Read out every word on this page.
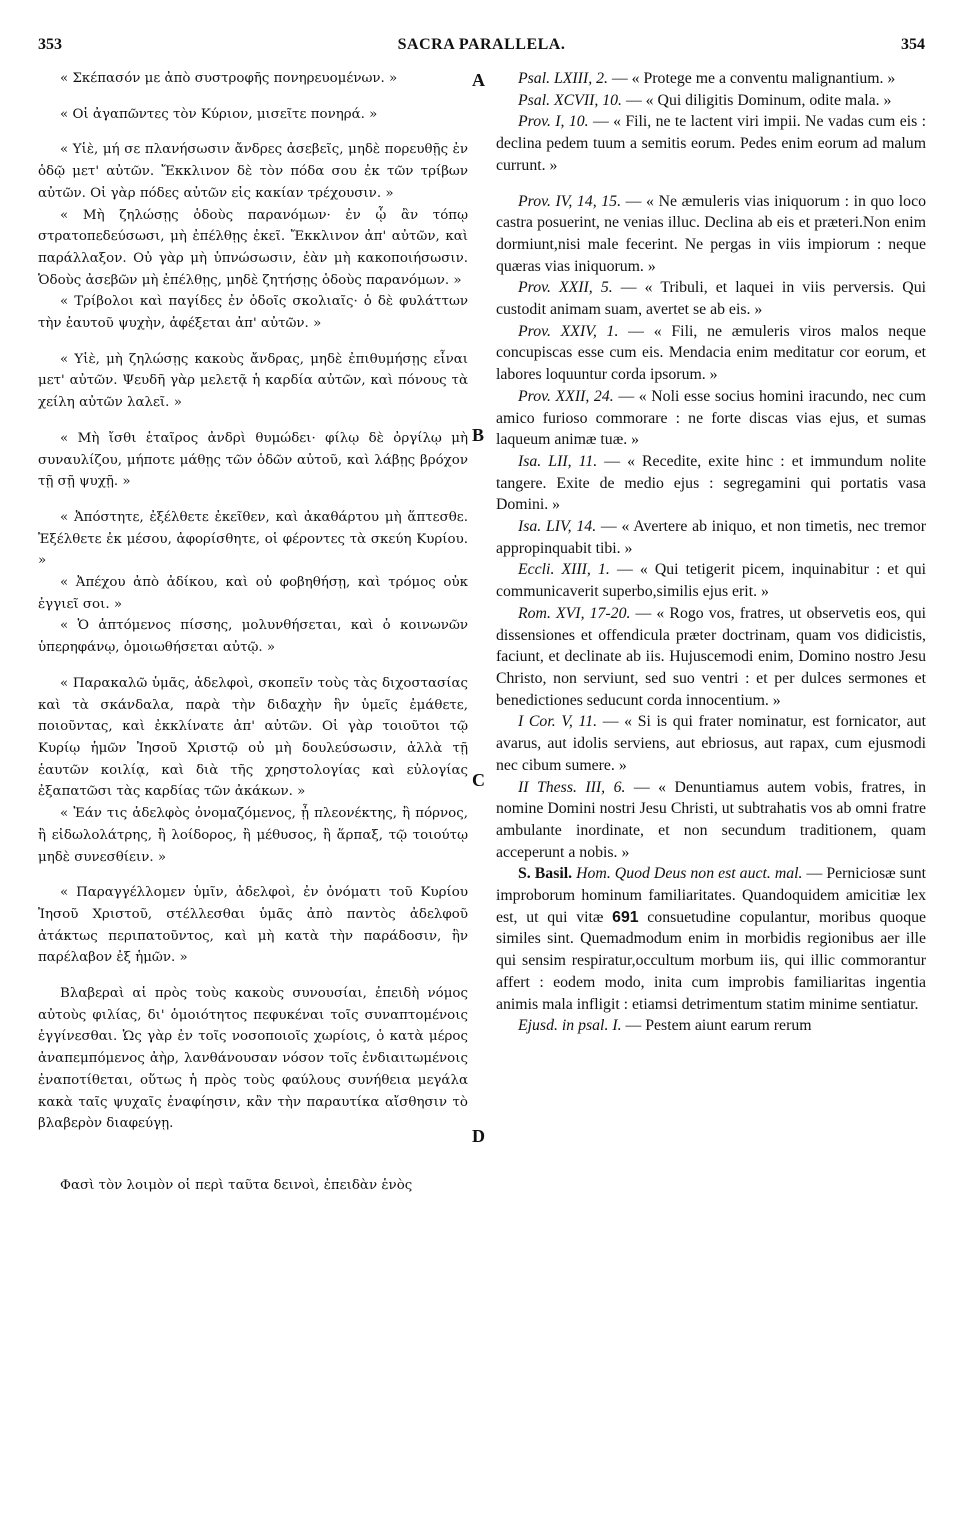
353	SACRA PARALLELA.	354
A
B
C
D

« Σκέπασόν με ἀπὸ συστροφῆς πονηρευομένων. »

« Οἱ ἀγαπῶντες τὸν Κύριον, μισεῖτε πονηρά. »

« Υἱὲ, μή σε πλανήσωσιν ἄνδρες ἀσεβεῖς, μηδὲ πορευθῇς ἐν ὁδῷ μετ' αὐτῶν. Ἔκκλινον δὲ τὸν πόδα σου ἐκ τῶν τρίβων αὐτῶν. Οἱ γὰρ πόδες αὐτῶν εἰς κακίαν τρέχουσιν. »

« Μὴ ζηλώσῃς ὁδοὺς παρανόμων· ἐν ᾧ ἂν τόπῳ στρατοπεδεύσωσι, μὴ ἐπέλθῃς ἐκεῖ. Ἔκκλινον ἀπ' αὐτῶν, καὶ παράλλαξον. Οὐ γὰρ μὴ ὑπνώσωσιν, ἐὰν μὴ κακοποιήσωσιν. Ὁδοὺς ἀσεβῶν μὴ ἐπέλθῃς, μηδὲ ζητήσῃς ὁδοὺς παρανόμων. »

« Τρίβολοι καὶ παγίδες ἐν ὁδοῖς σκολιαῖς· ὁ δὲ φυλάττων τὴν ἑαυτοῦ ψυχὴν, ἀφέξεται ἀπ' αὐτῶν. »

« Υἱὲ, μὴ ζηλώσῃς κακοὺς ἄνδρας, μηδὲ ἐπιθυμήσῃς εἶναι μετ' αὐτῶν. Ψευδῆ γὰρ μελετᾷ ἡ καρδία αὐτῶν, καὶ πόνους τὰ χείλη αὐτῶν λαλεῖ. »

« Μὴ ἴσθι ἑταῖρος ἀνδρὶ θυμώδει· φίλῳ δὲ ὀργίλῳ μὴ συναυλίζου, μήποτε μάθῃς τῶν ὁδῶν αὐτοῦ, καὶ λάβῃς βρόχον τῇ σῇ ψυχῇ. »

« Ἀπόστητε, ἐξέλθετε ἐκεῖθεν, καὶ ἀκαθάρτου μὴ ἅπτεσθε. Ἐξέλθετε ἐκ μέσου, ἀφορίσθητε, οἱ φέροντες τὰ σκεύη Κυρίου. »

« Ἀπέχου ἀπὸ ἀδίκου, καὶ οὐ φοβηθήσῃ, καὶ τρόμος οὐκ ἐγγιεῖ σοι. »

« Ὁ ἁπτόμενος πίσσης, μολυνθήσεται, καὶ ὁ κοινωνῶν ὑπερηφάνῳ, ὁμοιωθήσεται αὐτῷ. »

« Παρακαλῶ ὑμᾶς, ἀδελφοὶ, σκοπεῖν τοὺς τὰς διχοστασίας καὶ τὰ σκάνδαλα, παρὰ τὴν διδαχὴν ἣν ὑμεῖς ἐμάθετε, ποιοῦντας, καὶ ἐκκλίνατε ἀπ' αὐτῶν. Οἱ γὰρ τοιοῦτοι τῷ Κυρίῳ ἡμῶν Ἰησοῦ Χριστῷ οὐ μὴ δουλεύσωσιν, ἀλλὰ τῇ ἑαυτῶν κοιλίᾳ, καὶ διὰ τῆς χρηστολογίας καὶ εὐλογίας ἐξαπατῶσι τὰς καρδίας τῶν ἀκάκων. »

« Ἐάν τις ἀδελφὸς ὀνομαζόμενος, ᾖ πλεονέκτης, ἢ πόρνος, ἢ εἰδωλολάτρης, ἢ λοίδορος, ἢ μέθυσος, ἢ ἅρπαξ, τῷ τοιούτῳ μηδὲ συνεσθίειν. »

« Παραγγέλλομεν ὑμῖν, ἀδελφοὶ, ἐν ὀνόματι τοῦ Κυρίου Ἰησοῦ Χριστοῦ, στέλλεσθαι ὑμᾶς ἀπὸ παντὸς ἀδελφοῦ ἀτάκτως περιπατοῦντος, καὶ μὴ κατὰ τὴν παράδοσιν, ἣν παρέλαβον ἐξ ἡμῶν. »

Βλαβεραὶ αἱ πρὸς τοὺς κακοὺς συνουσίαι, ἐπειδὴ νόμος αὐτοὺς φιλίας, δι' ὁμοιότητος πεφυκέναι τοῖς συναπτομένοις ἐγγίνεσθαι. Ὡς γὰρ ἐν τοῖς νοσοποιοῖς χωρίοις, ὁ κατὰ μέρος ἀναπεμπόμενος ἀὴρ, λανθάνουσαν νόσον τοῖς ἐνδιαιτωμένοις ἐναποτίθεται, οὕτως ἡ πρὸς τοὺς φαύλους συνήθεια μεγάλα κακὰ ταῖς ψυχαῖς ἐναφίησιν, κἂν τὴν παραυτίκα αἴσθησιν τὸ βλαβερὸν διαφεύγῃ.

Φασὶ τὸν λοιμὸν οἱ περὶ ταῦτα δεινοὶ, ἐπειδὰν ἑνὸς

Psal. LXIII, 2. — « Protege me a conventu malignantium. »

Psal. XCVII, 10. — « Qui diligitis Dominum, odite mala. »

Prov. I, 10. — « Fili, ne te lactent viri impii. Ne vadas cum eis : declina pedem tuum a semitis eorum. Pedes enim eorum ad malum currunt. »

Prov. IV, 14, 15. — « Ne æmuleris vias iniquorum : in quo loco castra posuerint, ne venias illuc. Declina ab eis et præteri.Non enim dormiunt,nisi male fecerint. Ne pergas in viis impiorum : neque quæras vias iniquorum. »

Prov. XXII, 5. — « Tribuli, et laquei in viis perversis. Qui custodit animam suam, avertet se ab eis. »

Prov. XXIV, 1. — « Fili, ne æmuleris viros malos neque concupiscas esse cum eis. Mendacia enim meditatur cor eorum, et labores loquuntur corda ipsorum. »

Prov. XXII, 24. — « Noli esse socius homini iracundo, nec cum amico furioso commorare : ne forte discas vias ejus, et sumas laqueum animæ tuæ. »

Isa. LII, 11. — « Recedite, exite hinc : et immundum nolite tangere. Exite de medio ejus : segregamini qui portatis vasa Domini. »

Isa. LIV, 14. — « Avertere ab iniquo, et non timetis, nec tremor appropinquabit tibi. »

Eccli. XIII, 1. — « Qui tetigerit picem, inquinabitur : et qui communicaverit superbo,similis ejus erit. »

Rom. XVI, 17-20. — « Rogo vos, fratres, ut observetis eos, qui dissensiones et offendicula præter doctrinam, quam vos didicistis, faciunt, et declinate ab iis. Hujuscemodi enim, Domino nostro Jesu Christo, non serviunt, sed suo ventri : et per dulces sermones et benedictiones seducunt corda innocentium. »

I Cor. V, 11. — « Si is qui frater nominatur, est fornicator, aut avarus, aut idolis serviens, aut ebriosus, aut rapax, cum ejusmodi nec cibum sumere. »

II Thess. III, 6. — « Denuntiamus autem vobis, fratres, in nomine Domini nostri Jesu Christi, ut subtrahatis vos ab omni fratre ambulante inordinate, et non secundum traditionem, quam acceperunt a nobis. »

S. Basil. Hom. Quod Deus non est auct. mal. — Perniciosæ sunt improborum hominum familiaritates. Quandoquidem amicitiæ lex est, ut qui vitæ 691 consuetudine copulantur, moribus quoque similes sint. Quemadmodum enim in morbidis regionibus aer ille qui sensim respiratur,occultum morbum iis, qui illic commorantur affert : eodem modo, inita cum improbis familiaritas ingentia animis mala infligit : etiamsi detrimentum statim minime sentiatur.

Ejusd. in psal. I. — Pestem aiunt earum rerum
